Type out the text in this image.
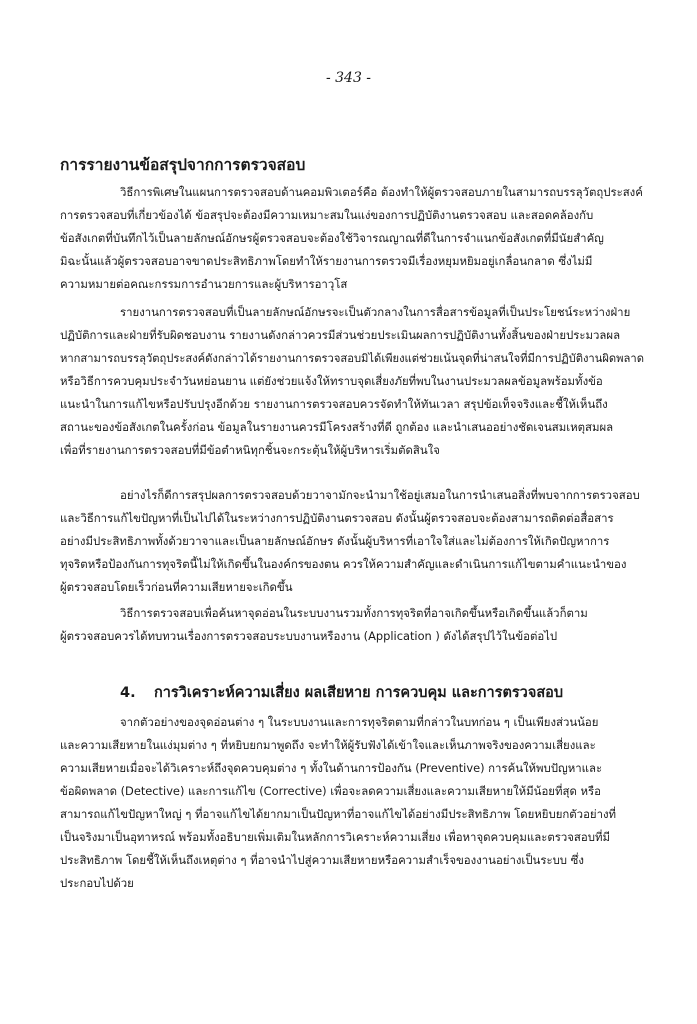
- 343 -
การรายงานข้อสรุปจากการตรวจสอบ

วิธีการพิเศษในแผนการตรวจสอบด้านคอมพิวเตอร์คือ ต้องทำให้ผู้ตรวจสอบภายในสามารถบรรลุวัตถุประสงค์
การตรวจสอบที่เกี่ยวข้องได้ ข้อสรุปจะต้องมีความเหมาะสมในแง่ของการปฏิบัติงานตรวจสอบ และสอดคล้องกับ
ข้อสังเกตที่บันทึกไว้เป็นลายลักษณ์อักษรผู้ตรวจสอบจะต้องใช้วิจารณญาณที่ดีในการจำแนกข้อสังเกตที่มีนัยสำคัญ
มิฉะนั้นแล้วผู้ตรวจสอบอาจขาดประสิทธิภาพโดยทำให้รายงานการตรวจมีเรื่องหยุมหยิมอยู่เกลื่อนกลาด ซึ่งไม่มี
ความหมายต่อคณะกรรมการอำนวยการและผู้บริหารอาวุโส

รายงานการตรวจสอบที่เป็นลายลักษณ์อักษรจะเป็นตัวกลางในการสื่อสารข้อมูลที่เป็นประโยชน์ระหว่างฝ่าย
ปฏิบัติการและฝ่ายที่รับผิดชอบงาน รายงานดังกล่าวควรมีส่วนช่วยประเมินผลการปฏิบัติงานทั้งสิ้นของฝ่ายประมวลผล
หากสามารถบรรลุวัตถุประสงค์ดังกล่าวได้รายงานการตรวจสอบมิได้เพียงแต่ช่วยเน้นจุดที่น่าสนใจที่มีการปฏิบัติงานผิดพลาด
หรือวิธีการควบคุมประจำวันหย่อนยาน แต่ยังช่วยแจ้งให้ทราบจุดเสี่ยงภัยที่พบในงานประมวลผลข้อมูลพร้อมทั้งข้อ
แนะนำในการแก้ไขหรือปรับปรุงอีกด้วย รายงานการตรวจสอบควรจัดทำให้ทันเวลา สรุปข้อเท็จจริงและชี้ให้เห็นถึง
สถานะของข้อสังเกตในครั้งก่อน ข้อมูลในรายงานควรมีโครงสร้างที่ดี ถูกต้อง และนำเสนออย่างชัดเจนสมเหตุสมผล
เพื่อที่รายงานการตรวจสอบที่มีข้อตำหนิทุกชิ้นจะกระตุ้นให้ผู้บริหารเริ่มตัดสินใจ

อย่างไรก็ดีการสรุปผลการตรวจสอบด้วยวาจามักจะนำมาใช้อยู่เสมอในการนำเสนอสิ่งที่พบจากการตรวจสอบ
และวิธีการแก้ไขปัญหาที่เป็นไปได้ในระหว่างการปฏิบัติงานตรวจสอบ ดังนั้นผู้ตรวจสอบจะต้องสามารถติดต่อสื่อสาร
อย่างมีประสิทธิภาพทั้งด้วยวาจาและเป็นลายลักษณ์อักษร ดังนั้นผู้บริหารที่เอาใจใส่และไม่ต้องการให้เกิดปัญหาการ
ทุจริตหรือป้องกันการทุจริตนี้ไม่ให้เกิดขึ้นในองค์กรของตน ควรให้ความสำคัญและดำเนินการแก้ไขตามคำแนะนำของ
ผู้ตรวจสอบโดยเร็วก่อนที่ความเสียหายจะเกิดขึ้น

วิธีการตรวจสอบเพื่อค้นหาจุดอ่อนในระบบงานรวมทั้งการทุจริตที่อาจเกิดขึ้นหรือเกิดขึ้นแล้วก็ตาม
ผู้ตรวจสอบควรได้ทบทวนเรื่องการตรวจสอบระบบงานหรืองาน (Application ) ดังได้สรุปไว้ในข้อต่อไป

4. การวิเคราะห์ความเสี่ยง ผลเสียหาย การควบคุม และการตรวจสอบ

จากตัวอย่างของจุดอ่อนต่าง ๆ ในระบบงานและการทุจริตตามที่กล่าวในบทก่อน ๆ เป็นเพียงส่วนน้อย
และความเสียหายในแง่มุมต่าง ๆ ที่หยิบยกมาพูดถึง จะทำให้ผู้รับฟังได้เข้าใจและเห็นภาพจริงของความเสี่ยงและ
ความเสียหายเมื่อจะได้วิเคราะห์ถึงจุดควบคุมต่าง ๆ ทั้งในด้านการป้องกัน (Preventive) การค้นให้พบปัญหาและ
ข้อผิดพลาด (Detective) และการแก้ไข (Corrective) เพื่อจะลดความเสี่ยงและความเสียหายให้มีน้อยที่สุด หรือ
สามารถแก้ไขปัญหาใหญ่ ๆ ที่อาจแก้ไขได้ยากมาเป็นปัญหาที่อาจแก้ไขได้อย่างมีประสิทธิภาพ โดยหยิบยกตัวอย่างที่
เป็นจริงมาเป็นอุทาหรณ์ พร้อมทั้งอธิบายเพิ่มเติมในหลักการวิเคราะห์ความเสี่ยง เพื่อหาจุดควบคุมและตรวจสอบที่มี
ประสิทธิภาพ โดยชี้ให้เห็นถึงเหตุต่าง ๆ ที่อาจนำไปสู่ความเสียหายหรือความสำเร็จของงานอย่างเป็นระบบ ซึ่ง
ประกอบไปด้วย
